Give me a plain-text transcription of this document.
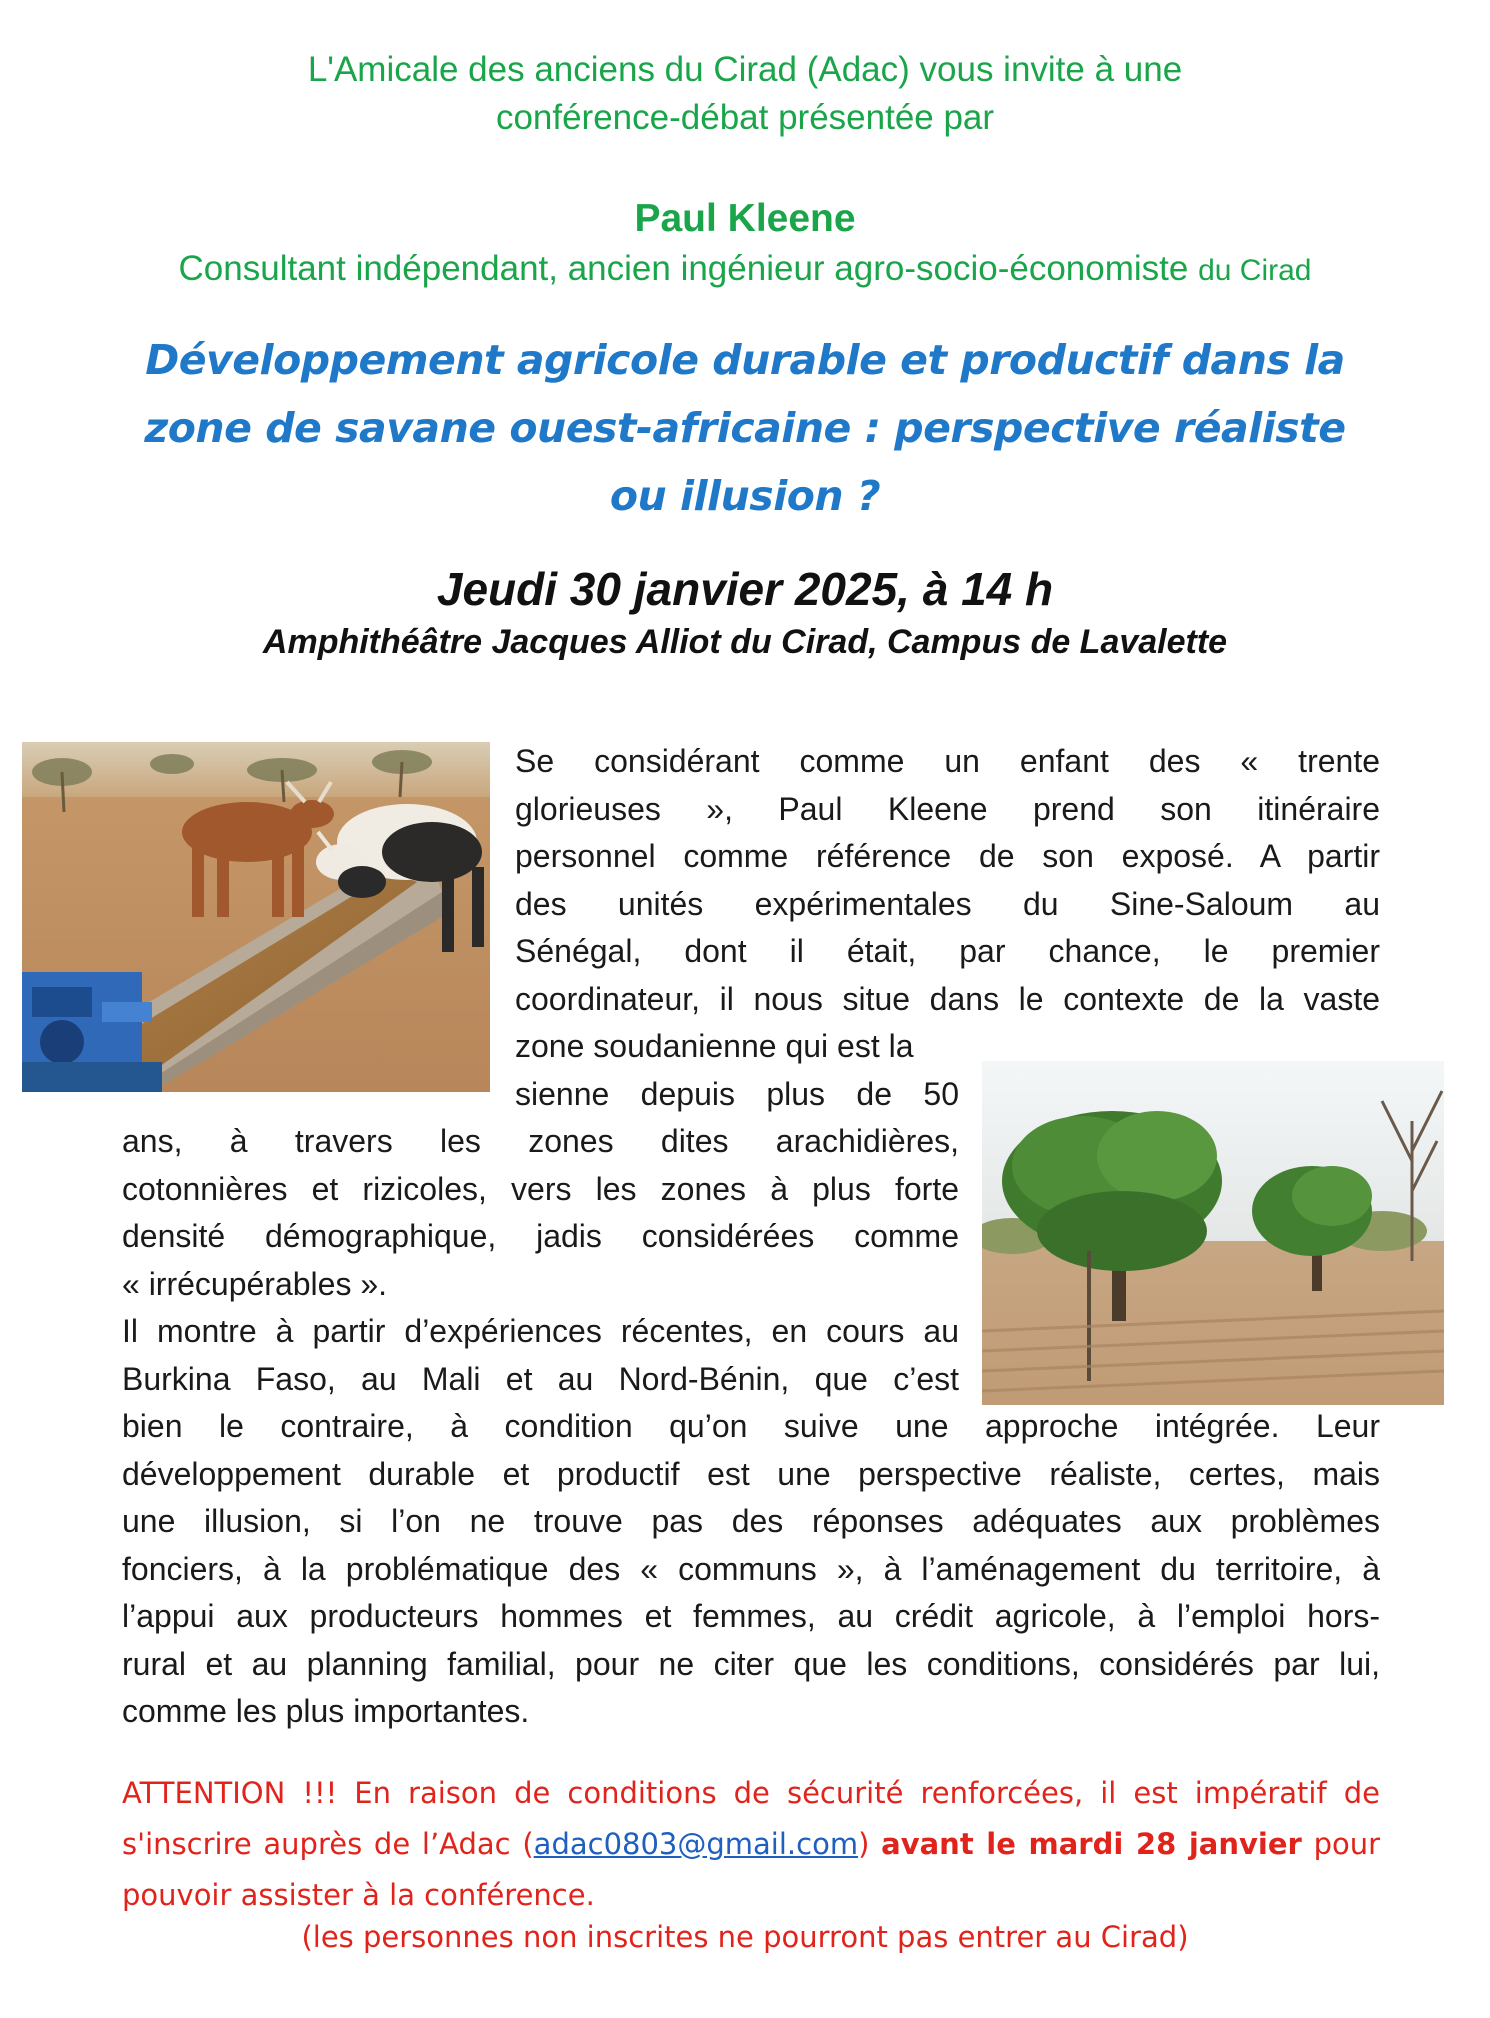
L'Amicale des anciens du Cirad (Adac) vous invite à une
conférence-débat présentée par
Paul Kleene
Consultant indépendant, ancien ingénieur agro-socio-économiste du Cirad
Développement agricole durable et productif dans la
zone de savane ouest-africaine : perspective réaliste
ou illusion ?
Jeudi 30 janvier 2025, à 14 h
Amphithéâtre Jacques Alliot du Cirad, Campus de Lavalette
Se considérant comme un enfant des « trente
glorieuses », Paul Kleene prend son itinéraire
personnel comme référence de son exposé. A partir
des unités expérimentales du Sine-Saloum au
Sénégal, dont il était, par chance, le premier
coordinateur, il nous situe dans le contexte de la vaste
zone soudanienne qui est la
sienne depuis plus de 50
ans, à travers les zones dites arachidières,
cotonnières et rizicoles, vers les zones à plus forte
densité démographique, jadis considérées comme
« irrécupérables ».
Il montre à partir d’expériences récentes, en cours au
Burkina Faso, au Mali et au Nord-Bénin, que c’est
bien le contraire, à condition qu’on suive une approche intégrée. Leur
développement durable et productif est une perspective réaliste, certes, mais
une illusion, si l’on ne trouve pas des réponses adéquates aux problèmes
fonciers, à la problématique des « communs », à l’aménagement du territoire, à
l’appui aux producteurs hommes et femmes, au crédit agricole, à l’emploi hors-
rural et au planning familial, pour ne citer que les conditions, considérés par lui,
comme les plus importantes.
ATTENTION !!! En raison de conditions de sécurité renforcées, il est impératif de
s'inscrire auprès de l’Adac (adac0803@gmail.com) avant le mardi 28 janvier pour
pouvoir assister à la conférence.
(les personnes non inscrites ne pourront pas entrer au Cirad)
